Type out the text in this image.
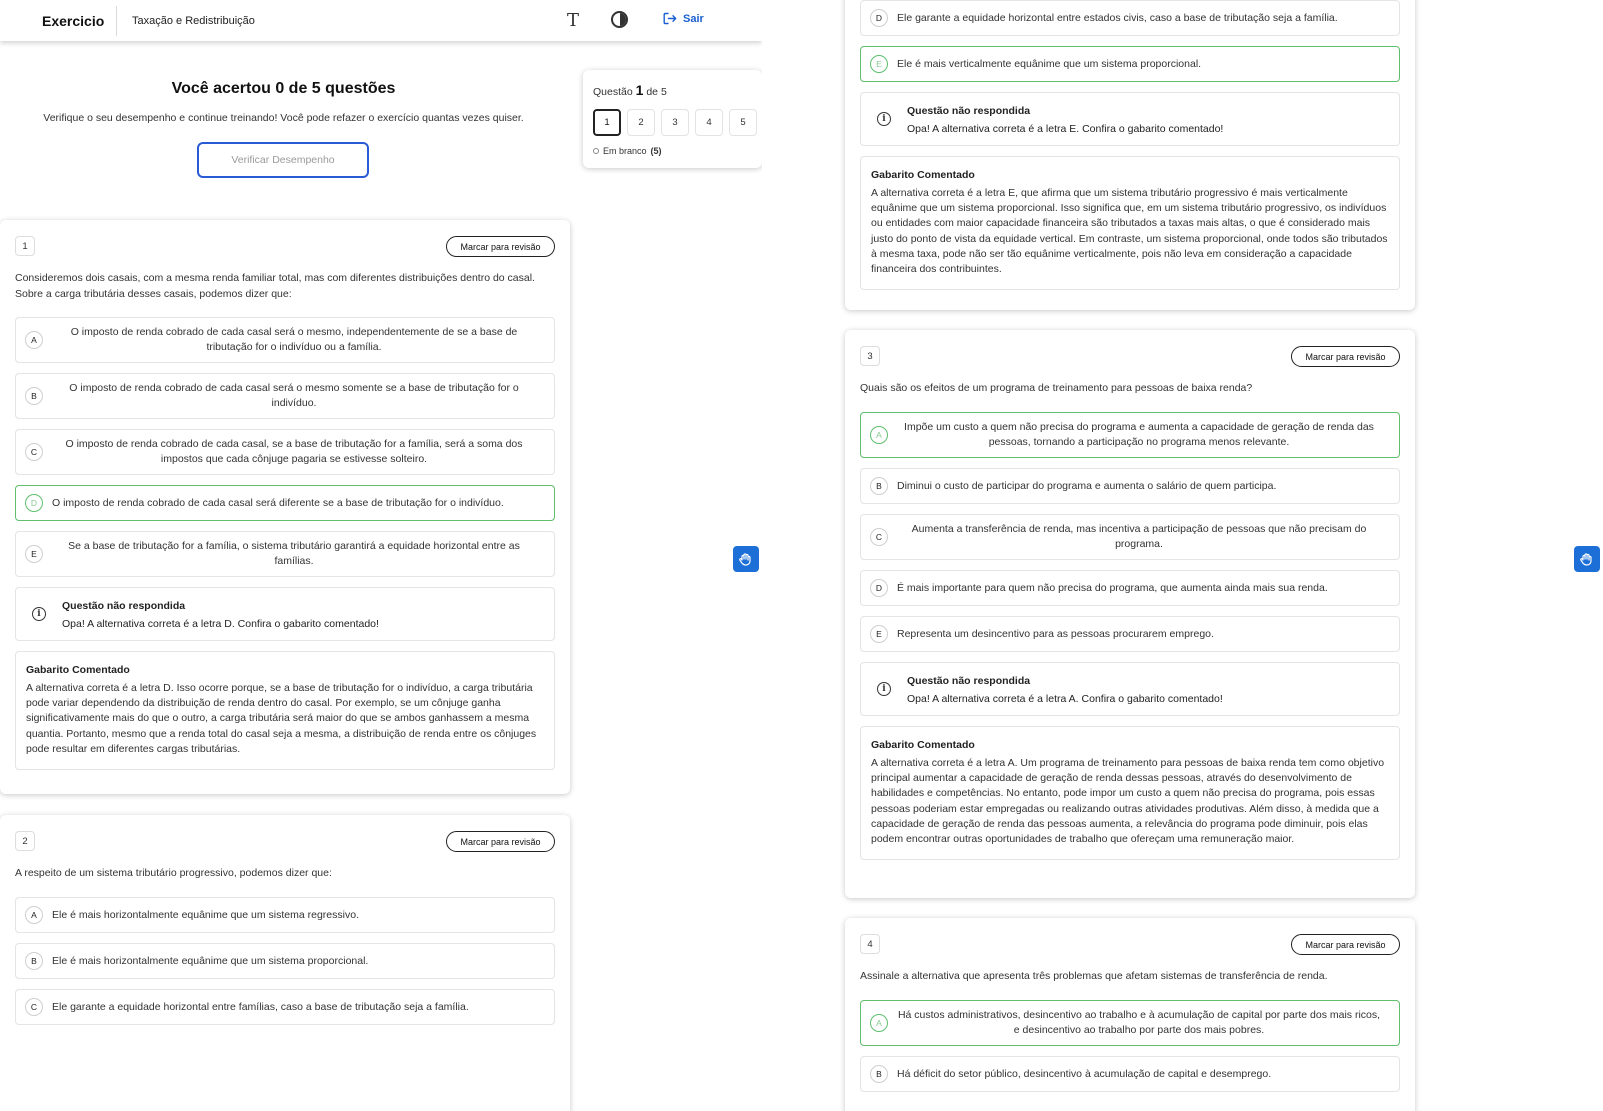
Exercicio	Taxação e Redistribuição	T	Sair
Você acertou 0 de 5 questões

Verifique o seu desempenho e continue treinando! Você pode refazer o exercício quantas vezes quiser.

Verificar Desempenho
Questão 1 de 5
1	2	3	4	5
Em branco (5)
1	Marcar para revisão

Consideremos dois casais, com a mesma renda familiar total, mas com diferentes distribuições dentro do casal. Sobre a carga tributária desses casais, podemos dizer que:

A
O imposto de renda cobrado de cada casal será o mesmo, independentemente de se a base de tributação for o indivíduo ou a família.
B
O imposto de renda cobrado de cada casal será o mesmo somente se a base de tributação for o indivíduo.
C
O imposto de renda cobrado de cada casal, se a base de tributação for a família, será a soma dos impostos que cada cônjuge pagaria se estivesse solteiro.
D	O imposto de renda cobrado de cada casal será diferente se a base de tributação for o indivíduo.
E
Se a base de tributação for a família, o sistema tributário garantirá a equidade horizontal entre as famílias.
i
Questão não respondida
Opa! A alternativa correta é a letra D. Confira o gabarito comentado!
Gabarito Comentado
A alternativa correta é a letra D. Isso ocorre porque, se a base de tributação for o indivíduo, a carga tributária pode variar dependendo da distribuição de renda dentro do casal. Por exemplo, se um cônjuge ganha significativamente mais do que o outro, a carga tributária será maior do que se ambos ganhassem a mesma quantia. Portanto, mesmo que a renda total do casal seja a mesma, a distribuição de renda entre os cônjuges pode resultar em diferentes cargas tributárias.
2	Marcar para revisão

A respeito de um sistema tributário progressivo, podemos dizer que:

A	Ele é mais horizontalmente equânime que um sistema regressivo.
B	Ele é mais horizontalmente equânime que um sistema proporcional.
C	Ele garante a equidade horizontal entre famílias, caso a base de tributação seja a família.
D	Ele garante a equidade horizontal entre estados civis, caso a base de tributação seja a família.
E	Ele é mais verticalmente equânime que um sistema proporcional.
i
Questão não respondida
Opa! A alternativa correta é a letra E. Confira o gabarito comentado!
Gabarito Comentado
A alternativa correta é a letra E, que afirma que um sistema tributário progressivo é mais verticalmente equânime que um sistema proporcional. Isso significa que, em um sistema tributário progressivo, os indivíduos ou entidades com maior capacidade financeira são tributados a taxas mais altas, o que é considerado mais justo do ponto de vista da equidade vertical. Em contraste, um sistema proporcional, onde todos são tributados à mesma taxa, pode não ser tão equânime verticalmente, pois não leva em consideração a capacidade financeira dos contribuintes.
3	Marcar para revisão

Quais são os efeitos de um programa de treinamento para pessoas de baixa renda?

A
Impõe um custo a quem não precisa do programa e aumenta a capacidade de geração de renda das pessoas, tornando a participação no programa menos relevante.
B	Diminui o custo de participar do programa e aumenta o salário de quem participa.
C
Aumenta a transferência de renda, mas incentiva a participação de pessoas que não precisam do programa.
D	É mais importante para quem não precisa do programa, que aumenta ainda mais sua renda.
E	Representa um desincentivo para as pessoas procurarem emprego.
i
Questão não respondida
Opa! A alternativa correta é a letra A. Confira o gabarito comentado!
Gabarito Comentado
A alternativa correta é a letra A. Um programa de treinamento para pessoas de baixa renda tem como objetivo principal aumentar a capacidade de geração de renda dessas pessoas, através do desenvolvimento de habilidades e competências. No entanto, pode impor um custo a quem não precisa do programa, pois essas pessoas poderiam estar empregadas ou realizando outras atividades produtivas. Além disso, à medida que a capacidade de geração de renda das pessoas aumenta, a relevância do programa pode diminuir, pois elas podem encontrar outras oportunidades de trabalho que ofereçam uma remuneração maior.
4	Marcar para revisão

Assinale a alternativa que apresenta três problemas que afetam sistemas de transferência de renda.

A
Há custos administrativos, desincentivo ao trabalho e à acumulação de capital por parte dos mais ricos, e desincentivo ao trabalho por parte dos mais pobres.
B	Há déficit do setor público, desincentivo à acumulação de capital e desemprego.
